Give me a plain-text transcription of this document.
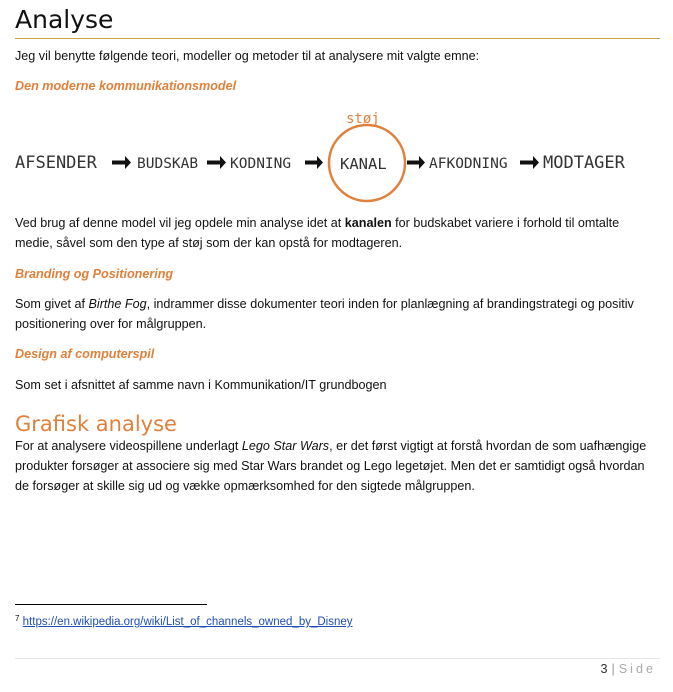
Analyse
Jeg vil benytte følgende teori, modeller og metoder til at analysere mit valgte emne:
Den moderne kommunikationsmodel
støj
AFSENDER	BUDSKAB KODNING	KANAL	AFKODNING MODTAGER
Ved brug af denne model vil jeg opdele min analyse idet at kanalen for budskabet variere i forhold til omtalte medie, såvel som den type af støj som der kan opstå for modtageren.
Branding og Positionering
Som givet af Birthe Fog, indrammer disse dokumenter teori inden for planlægning af brandingstrategi og positiv positionering over for målgruppen.
Design af computerspil
Som set i afsnittet af samme navn i Kommunikation/IT grundbogen
Grafisk analyse
For at analysere videospillene underlagt Lego Star Wars, er det først vigtigt at forstå hvordan de som uafhængige produkter forsøger at associere sig med Star Wars brandet og Lego legetøjet. Men det er samtidigt også hvordan de forsøger at skille sig ud og vække opmærksomhed for den sigtede målgruppen.
$^7$ https://en.wikipedia.org/wiki/List_of_channels_owned_by_Disney
3 | Side
